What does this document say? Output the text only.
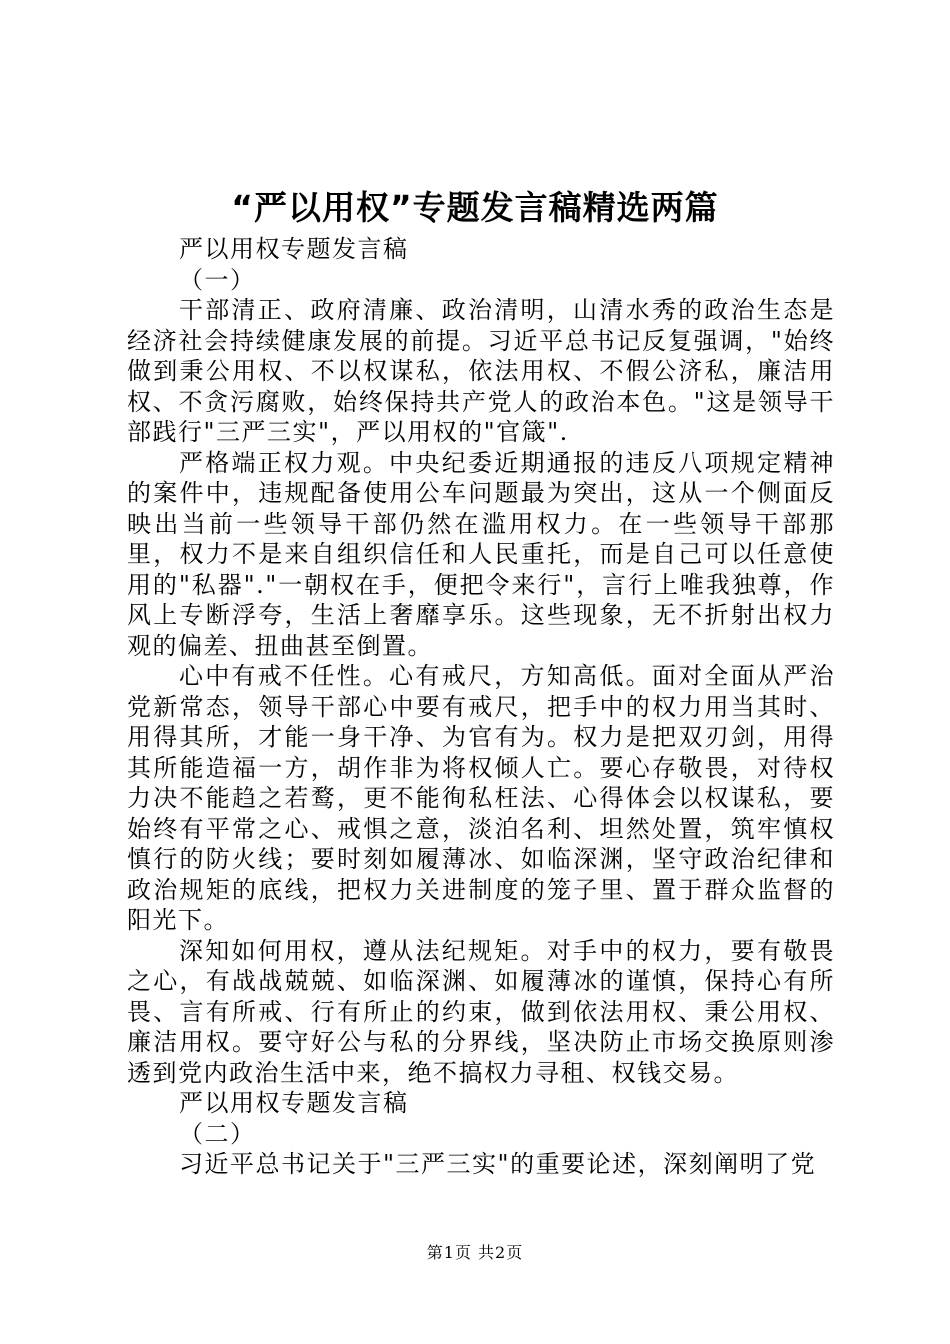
“严以用权”专题发言稿精选两篇

严以用权专题发言稿

（一）

干部清正、政府清廉、政治清明，山清水秀的政治生态是经济社会持续健康发展的前提。习近平总书记反复强调，"始终做到秉公用权、不以权谋私，依法用权、不假公济私，廉洁用权、不贪污腐败，始终保持共产党人的政治本色。"这是领导干部践行"三严三实"，严以用权的"官箴".

严格端正权力观。中央纪委近期通报的违反八项规定精神的案件中，违规配备使用公车问题最为突出，这从一个侧面反映出当前一些领导干部仍然在滥用权力。在一些领导干部那里，权力不是来自组织信任和人民重托，而是自己可以任意使用的"私器"."一朝权在手，便把令来行"，言行上唯我独尊，作风上专断浮夸，生活上奢靡享乐。这些现象，无不折射出权力观的偏差、扭曲甚至倒置。

心中有戒不任性。心有戒尺，方知高低。面对全面从严治党新常态，领导干部心中要有戒尺，把手中的权力用当其时、用得其所，才能一身干净、为官有为。权力是把双刃剑，用得其所能造福一方，胡作非为将权倾人亡。要心存敬畏，对待权力决不能趋之若鹜，更不能徇私枉法、心得体会以权谋私，要始终有平常之心、戒惧之意，淡泊名利、坦然处置，筑牢慎权慎行的防火线；要时刻如履薄冰、如临深渊，坚守政治纪律和政治规矩的底线，把权力关进制度的笼子里、置于群众监督的阳光下。

深知如何用权，遵从法纪规矩。对手中的权力，要有敬畏之心，有战战兢兢、如临深渊、如履薄冰的谨慎，保持心有所畏、言有所戒、行有所止的约束，做到依法用权、秉公用权、廉洁用权。要守好公与私的分界线，坚决防止市场交换原则渗透到党内政治生活中来，绝不搞权力寻租、权钱交易。

严以用权专题发言稿

（二）

习近平总书记关于"三严三实"的重要论述，深刻阐明了党

第1页 共2页
